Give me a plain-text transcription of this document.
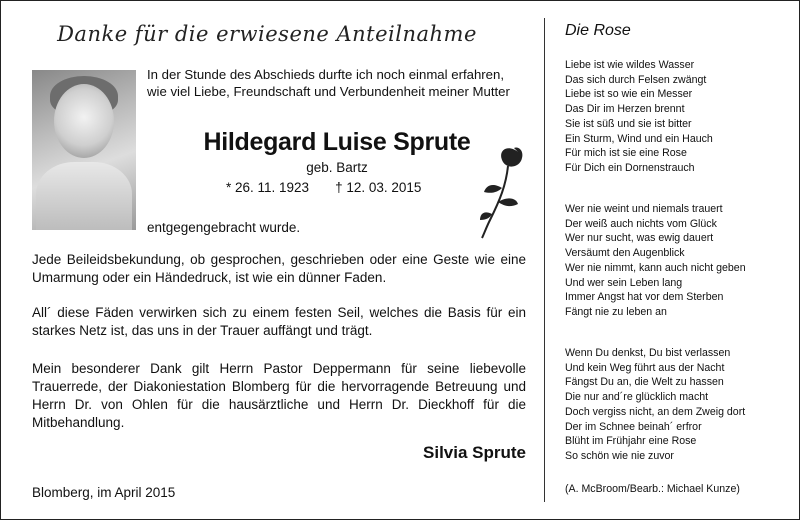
Danke für die erwiesene Anteilnahme
In der Stunde des Abschieds durfte ich noch einmal erfahren, wie viel Liebe, Freundschaft und Verbundenheit meiner Mutter
Hildegard Luise Sprute
geb. Bartz
* 26. 11. 1923 † 12. 03. 2015
entgegengebracht wurde.
Jede Beileidsbekundung, ob gesprochen, geschrieben oder eine Geste wie eine Umarmung oder ein Händedruck, ist wie ein dünner Faden.
All´ diese Fäden verwirken sich zu einem festen Seil, welches die Basis für ein starkes Netz ist, das uns in der Trauer auffängt und trägt.
Mein besonderer Dank gilt Herrn Pastor Deppermann für seine liebevolle Trauerrede, der Diakoniestation Blomberg für die hervorragende Betreuung und Herrn Dr. von Ohlen für die hausärztliche und Herrn Dr. Dieckhoff für die Mitbehandlung.
Silvia Sprute
Blomberg, im April 2015
Die Rose
Liebe ist wie wildes Wasser
Das sich durch Felsen zwängt
Liebe ist so wie ein Messer
Das Dir im Herzen brennt
Sie ist süß und sie ist bitter
Ein Sturm, Wind und ein Hauch
Für mich ist sie eine Rose
Für Dich ein Dornenstrauch
Wer nie weint und niemals trauert
Der weiß auch nichts vom Glück
Wer nur sucht, was ewig dauert
Versäumt den Augenblick
Wer nie nimmt, kann auch nicht geben
Und wer sein Leben lang
Immer Angst hat vor dem Sterben
Fängt nie zu leben an
Wenn Du denkst, Du bist verlassen
Und kein Weg führt aus der Nacht
Fängst Du an, die Welt zu hassen
Die nur and´re glücklich macht
Doch vergiss nicht, an dem Zweig dort
Der im Schnee beinah´ erfror
Blüht im Frühjahr eine Rose
So schön wie nie zuvor
(A. McBroom/Bearb.: Michael Kunze)
